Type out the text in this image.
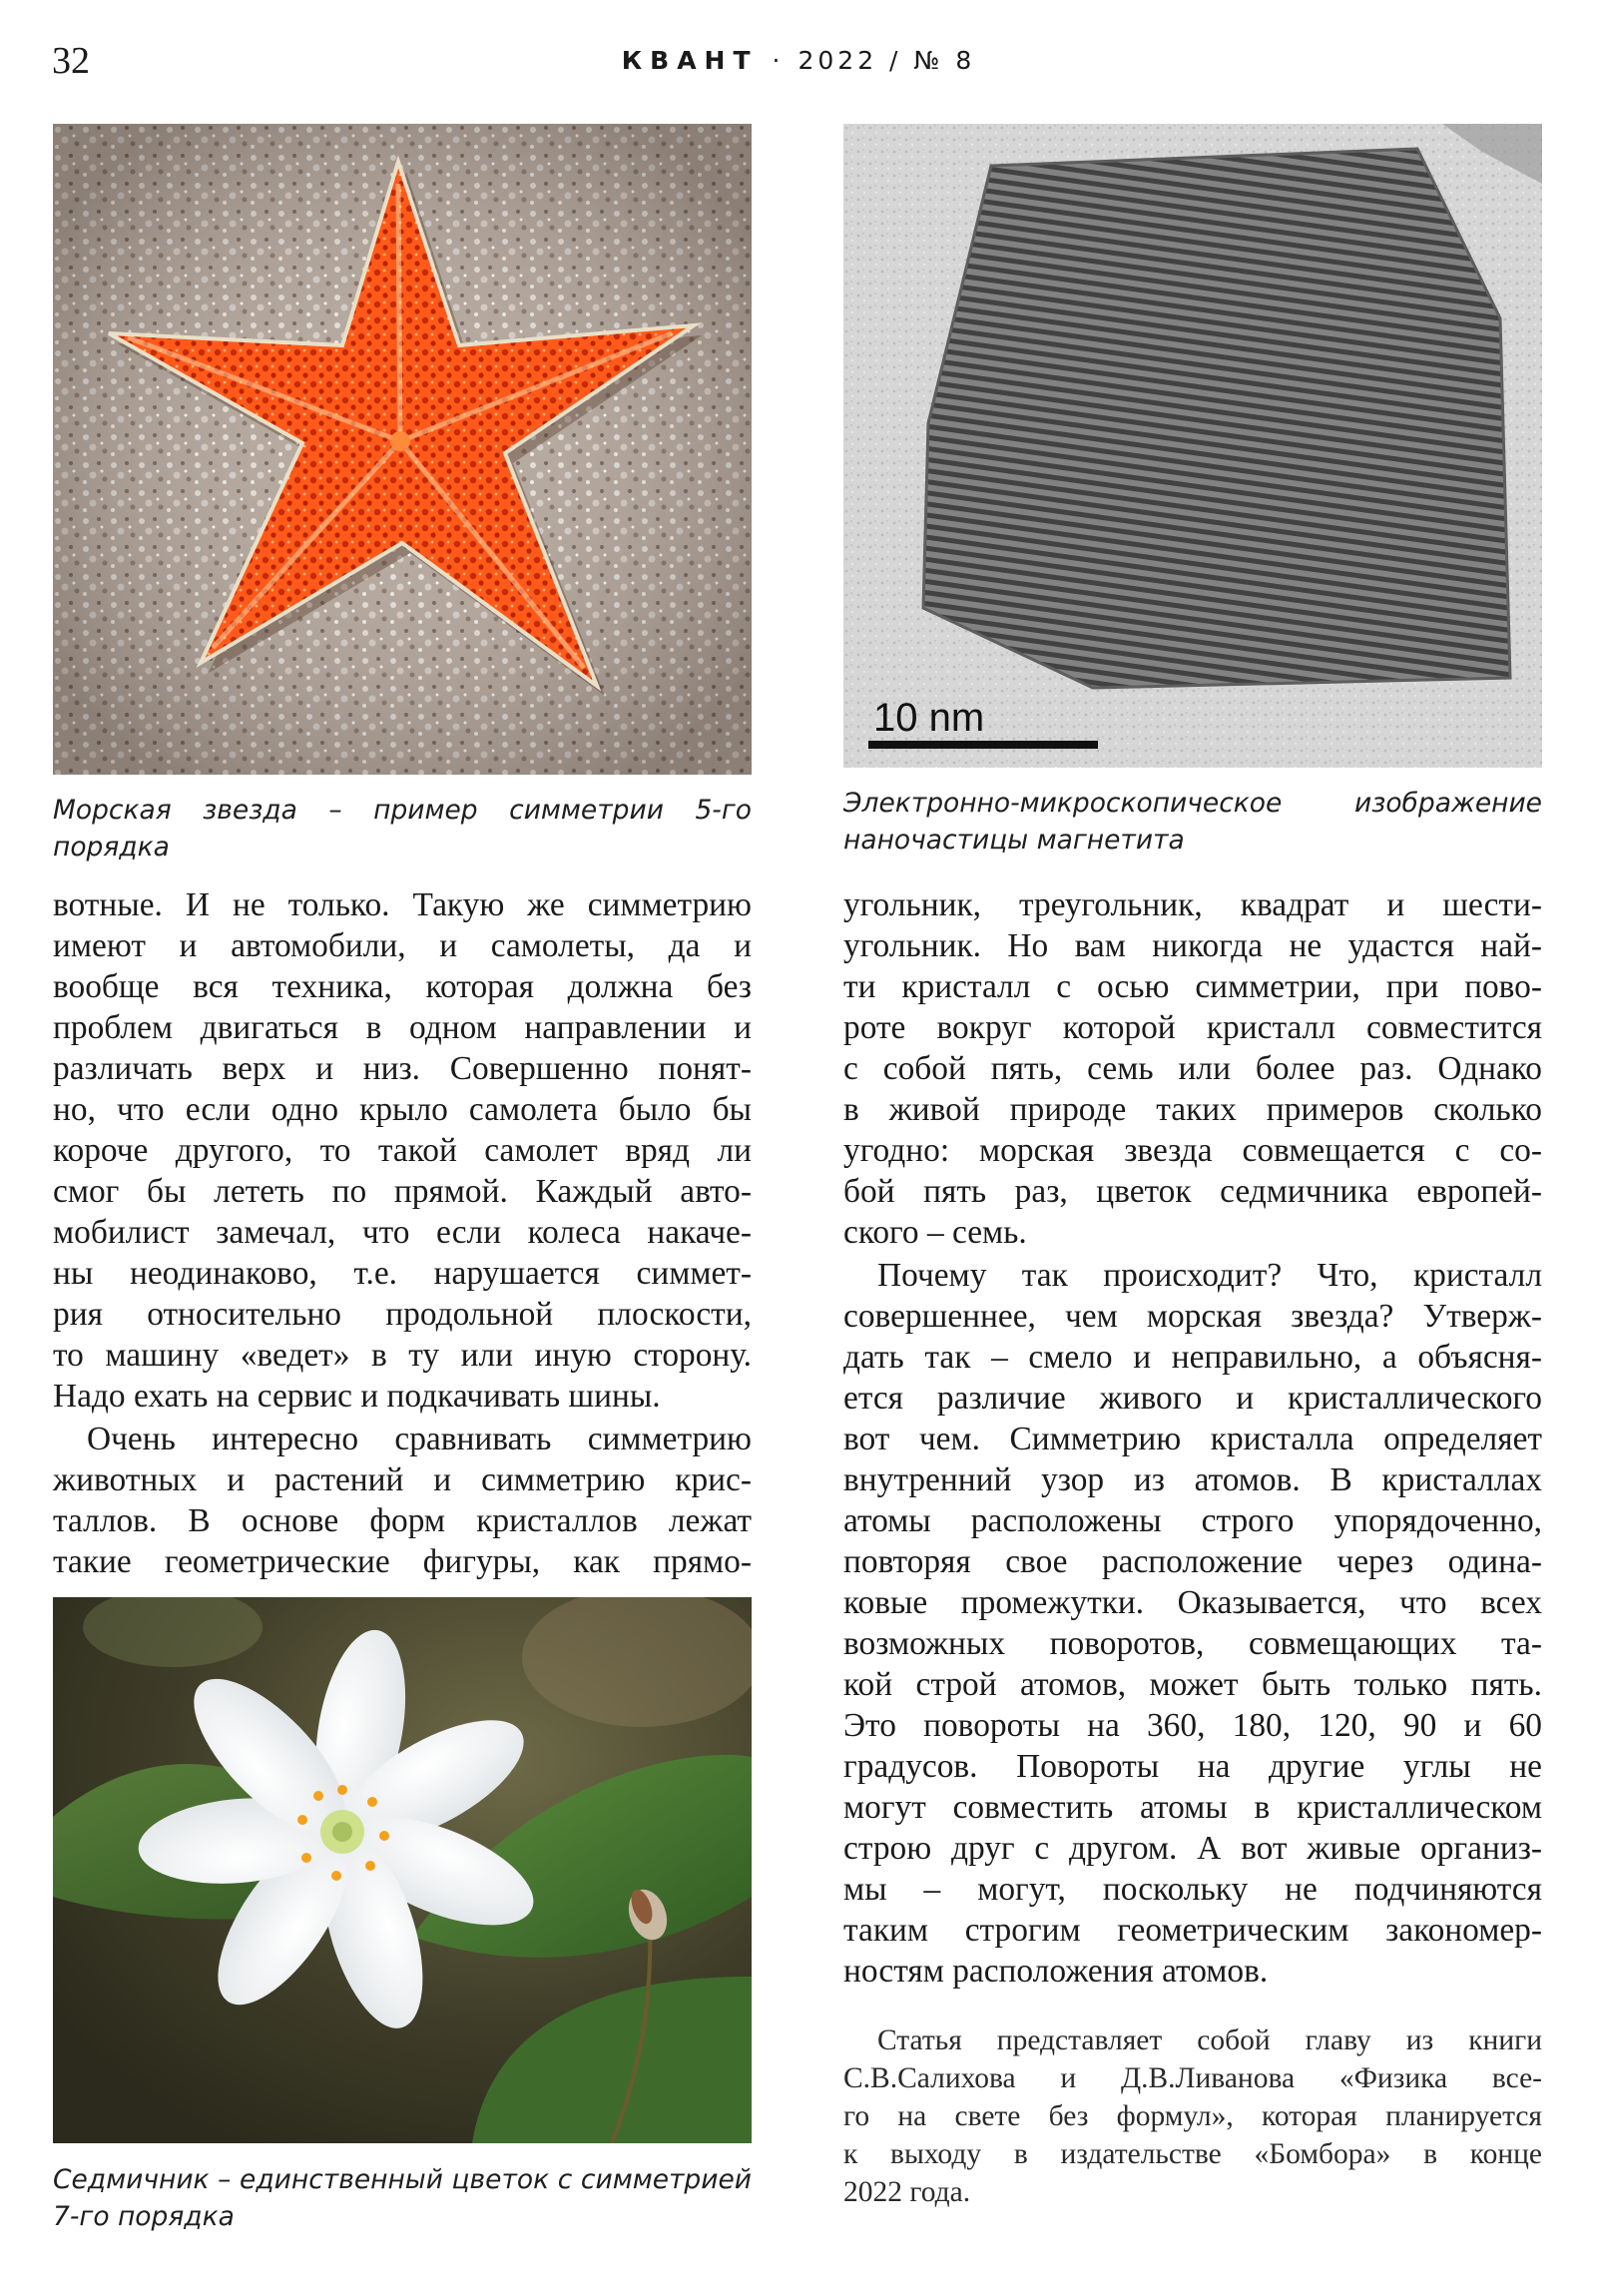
32	КВАНТ · 2022 / № 8
Морская звезда – пример симметрии 5-го порядка
10 nm
Электронно-микроскопическое изображение наночастицы магнетита
Седмичник – единственный цветок с симметрией 7-го порядка
вотные. И не только. Такую же симметрию
имеют и автомобили, и самолеты, да и
вообще вся техника, которая должна без
проблем двигаться в одном направлении и
различать верх и низ. Совершенно понят-
но, что если одно крыло самолета было бы
короче другого, то такой самолет вряд ли
смог бы лететь по прямой. Каждый авто-
мобилист замечал, что если колеса накаче-
ны неодинаково, т.е. нарушается симмет-
рия относительно продольной плоскости,
то машину «ведет» в ту или иную сторону.
Надо ехать на сервис и подкачивать шины.
Очень интересно сравнивать симметрию
животных и растений и симметрию крис-
таллов. В основе форм кристаллов лежат
такие геометрические фигуры, как прямо-
угольник, треугольник, квадрат и шести-
угольник. Но вам никогда не удастся най-
ти кристалл с осью симметрии, при пово-
роте вокруг которой кристалл совместится
с собой пять, семь или более раз. Однако
в живой природе таких примеров сколько
угодно: морская звезда совмещается с со-
бой пять раз, цветок седмичника европей-
ского – семь.
Почему так происходит? Что, кристалл
совершеннее, чем морская звезда? Утверж-
дать так – смело и неправильно, а объясня-
ется различие живого и кристаллического
вот чем. Симметрию кристалла определяет
внутренний узор из атомов. В кристаллах
атомы расположены строго упорядоченно,
повторяя свое расположение через одина-
ковые промежутки. Оказывается, что всех
возможных поворотов, совмещающих та-
кой строй атомов, может быть только пять.
Это повороты на 360, 180, 120, 90 и 60
градусов. Повороты на другие углы не
могут совместить атомы в кристаллическом
строю друг с другом. А вот живые организ-
мы – могут, поскольку не подчиняются
таким строгим геометрическим закономер-
ностям расположения атомов.
Статья представляет собой главу из книги
С.В.Салихова и Д.В.Ливанова «Физика все-
го на свете без формул», которая планируется
к выходу в издательстве «Бомбора» в конце
2022 года.
